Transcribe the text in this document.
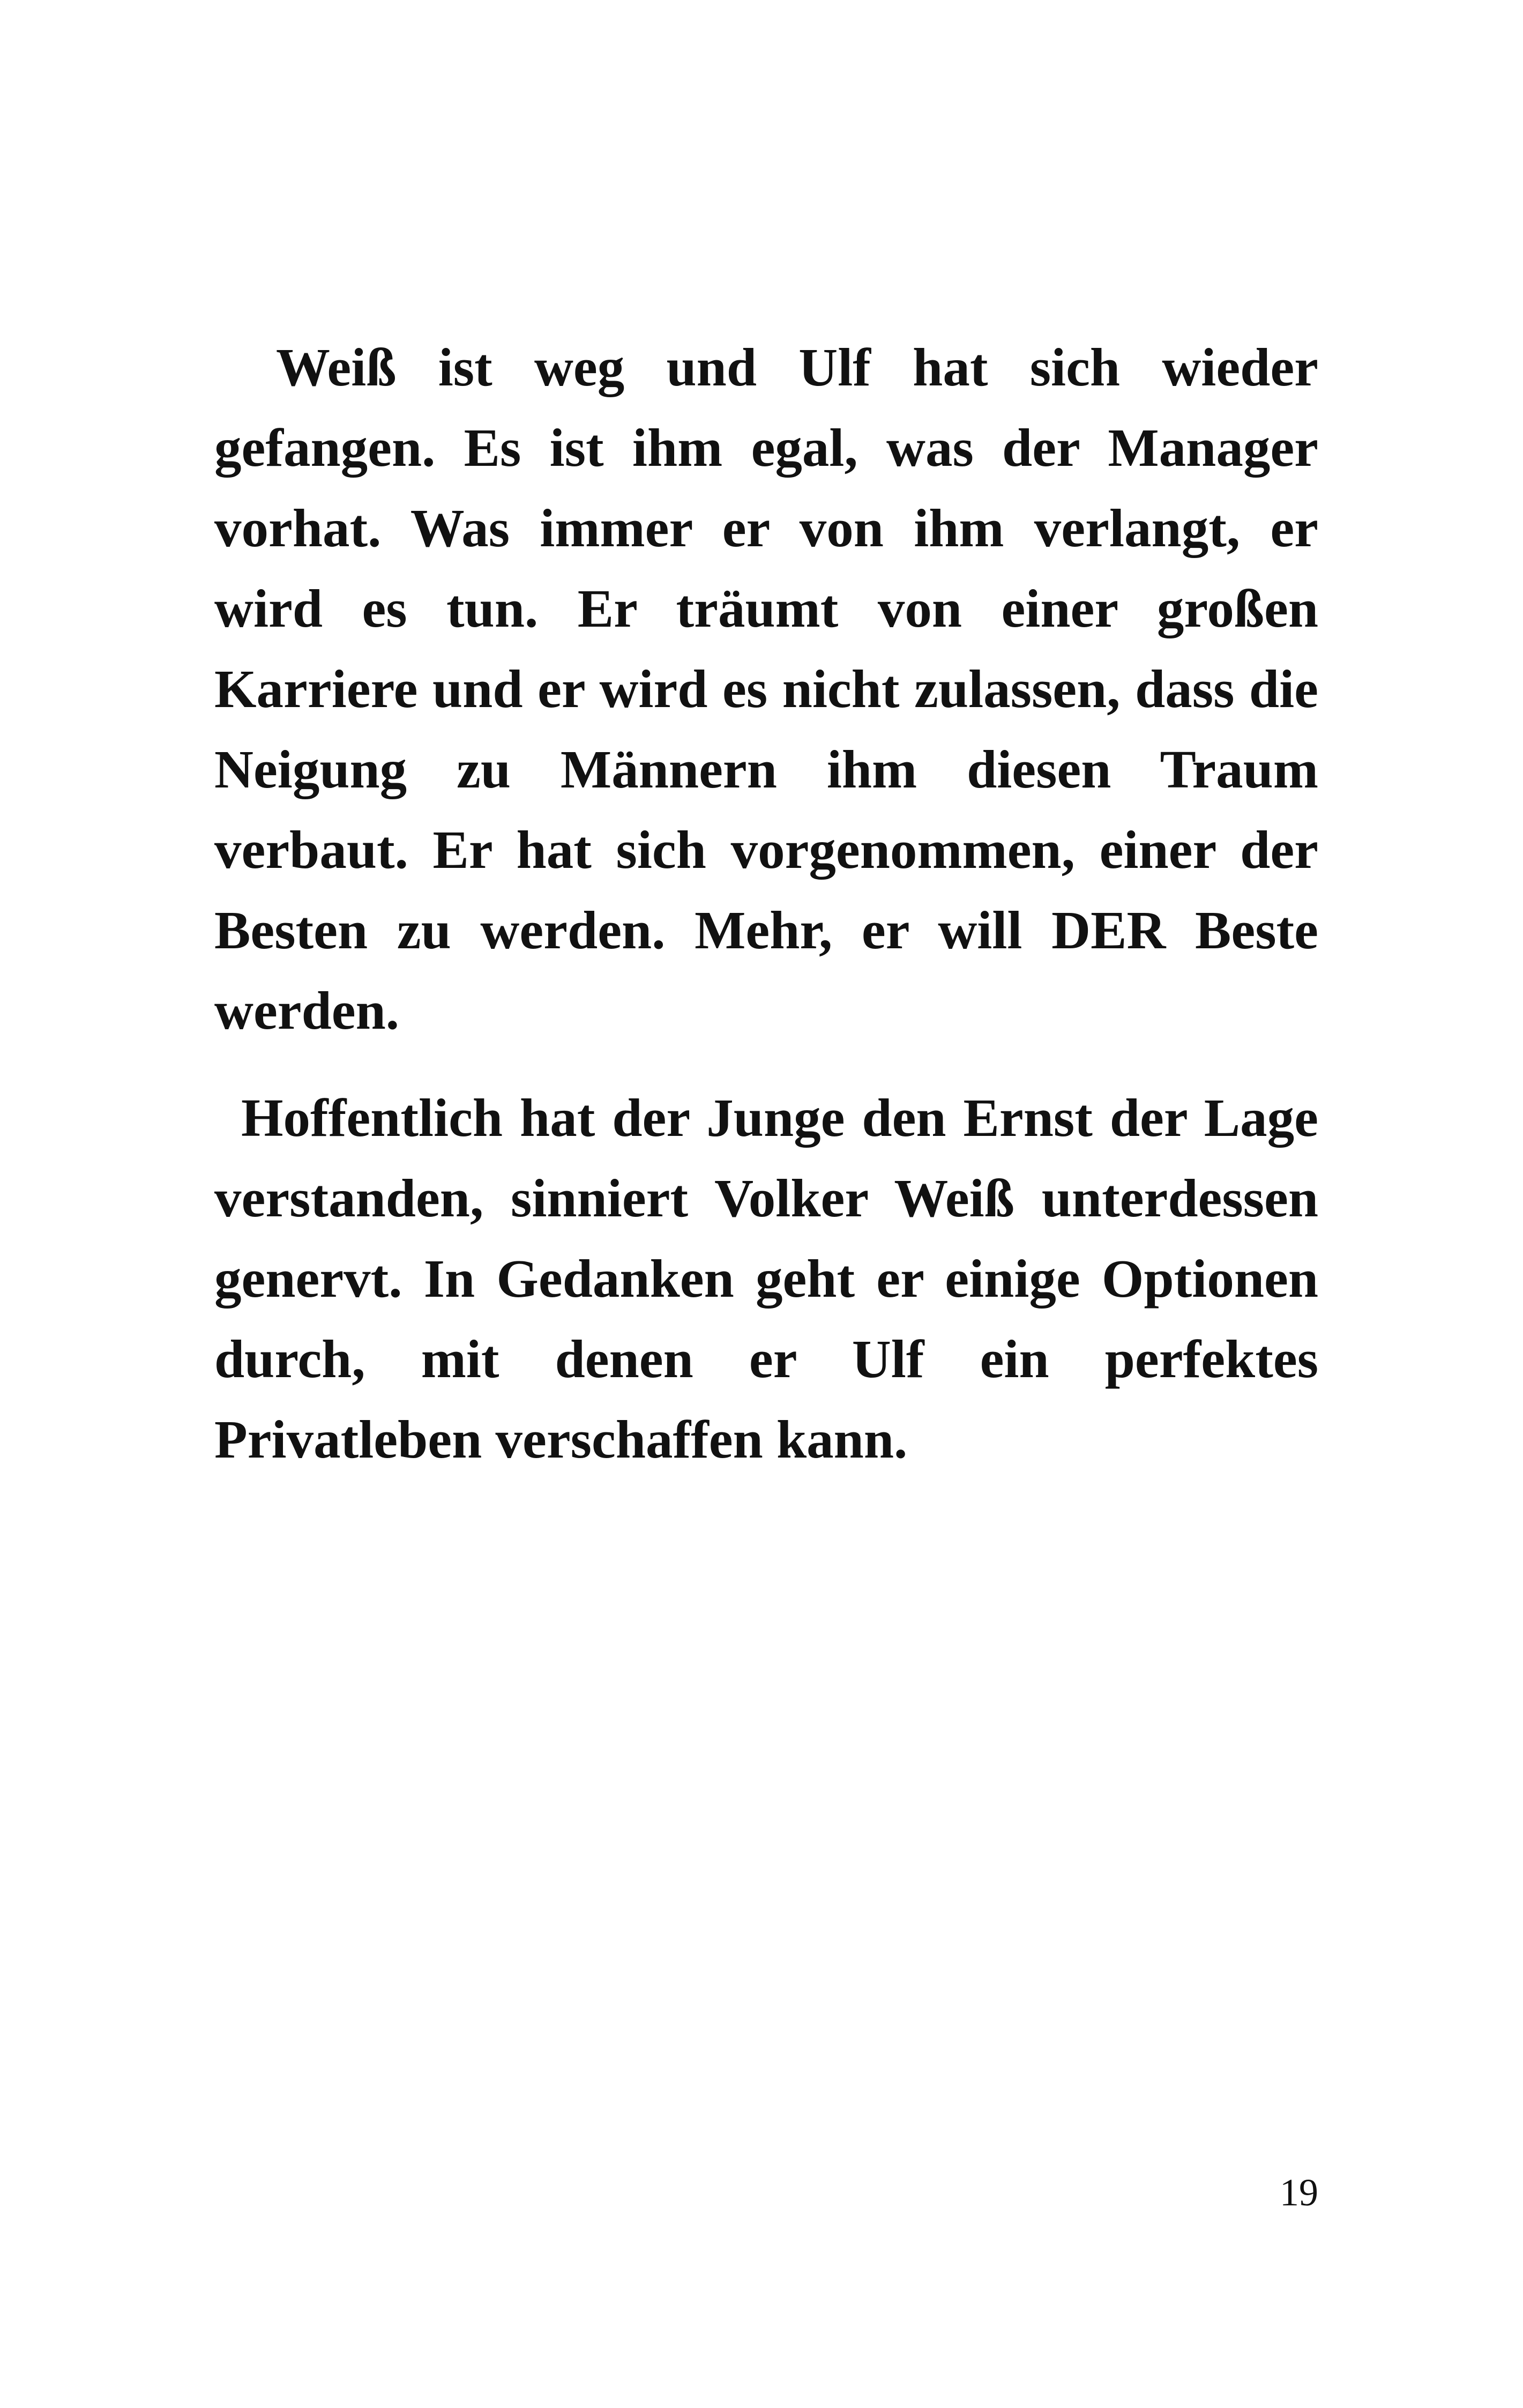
Weiß ist weg und Ulf hat sich wieder gefangen. Es ist ihm egal, was der Manager vorhat. Was immer er von ihm verlangt, er wird es tun. Er träumt von einer großen Karriere und er wird es nicht zulassen, dass die Neigung zu Männern ihm diesen Traum verbaut. Er hat sich vorgenommen, einer der Besten zu werden. Mehr, er will DER Beste werden.

Hoffentlich hat der Junge den Ernst der Lage verstanden, sinniert Volker Weiß unterdessen genervt. In Gedanken geht er einige Optionen durch, mit denen er Ulf ein perfektes Privatleben verschaffen kann.

19
